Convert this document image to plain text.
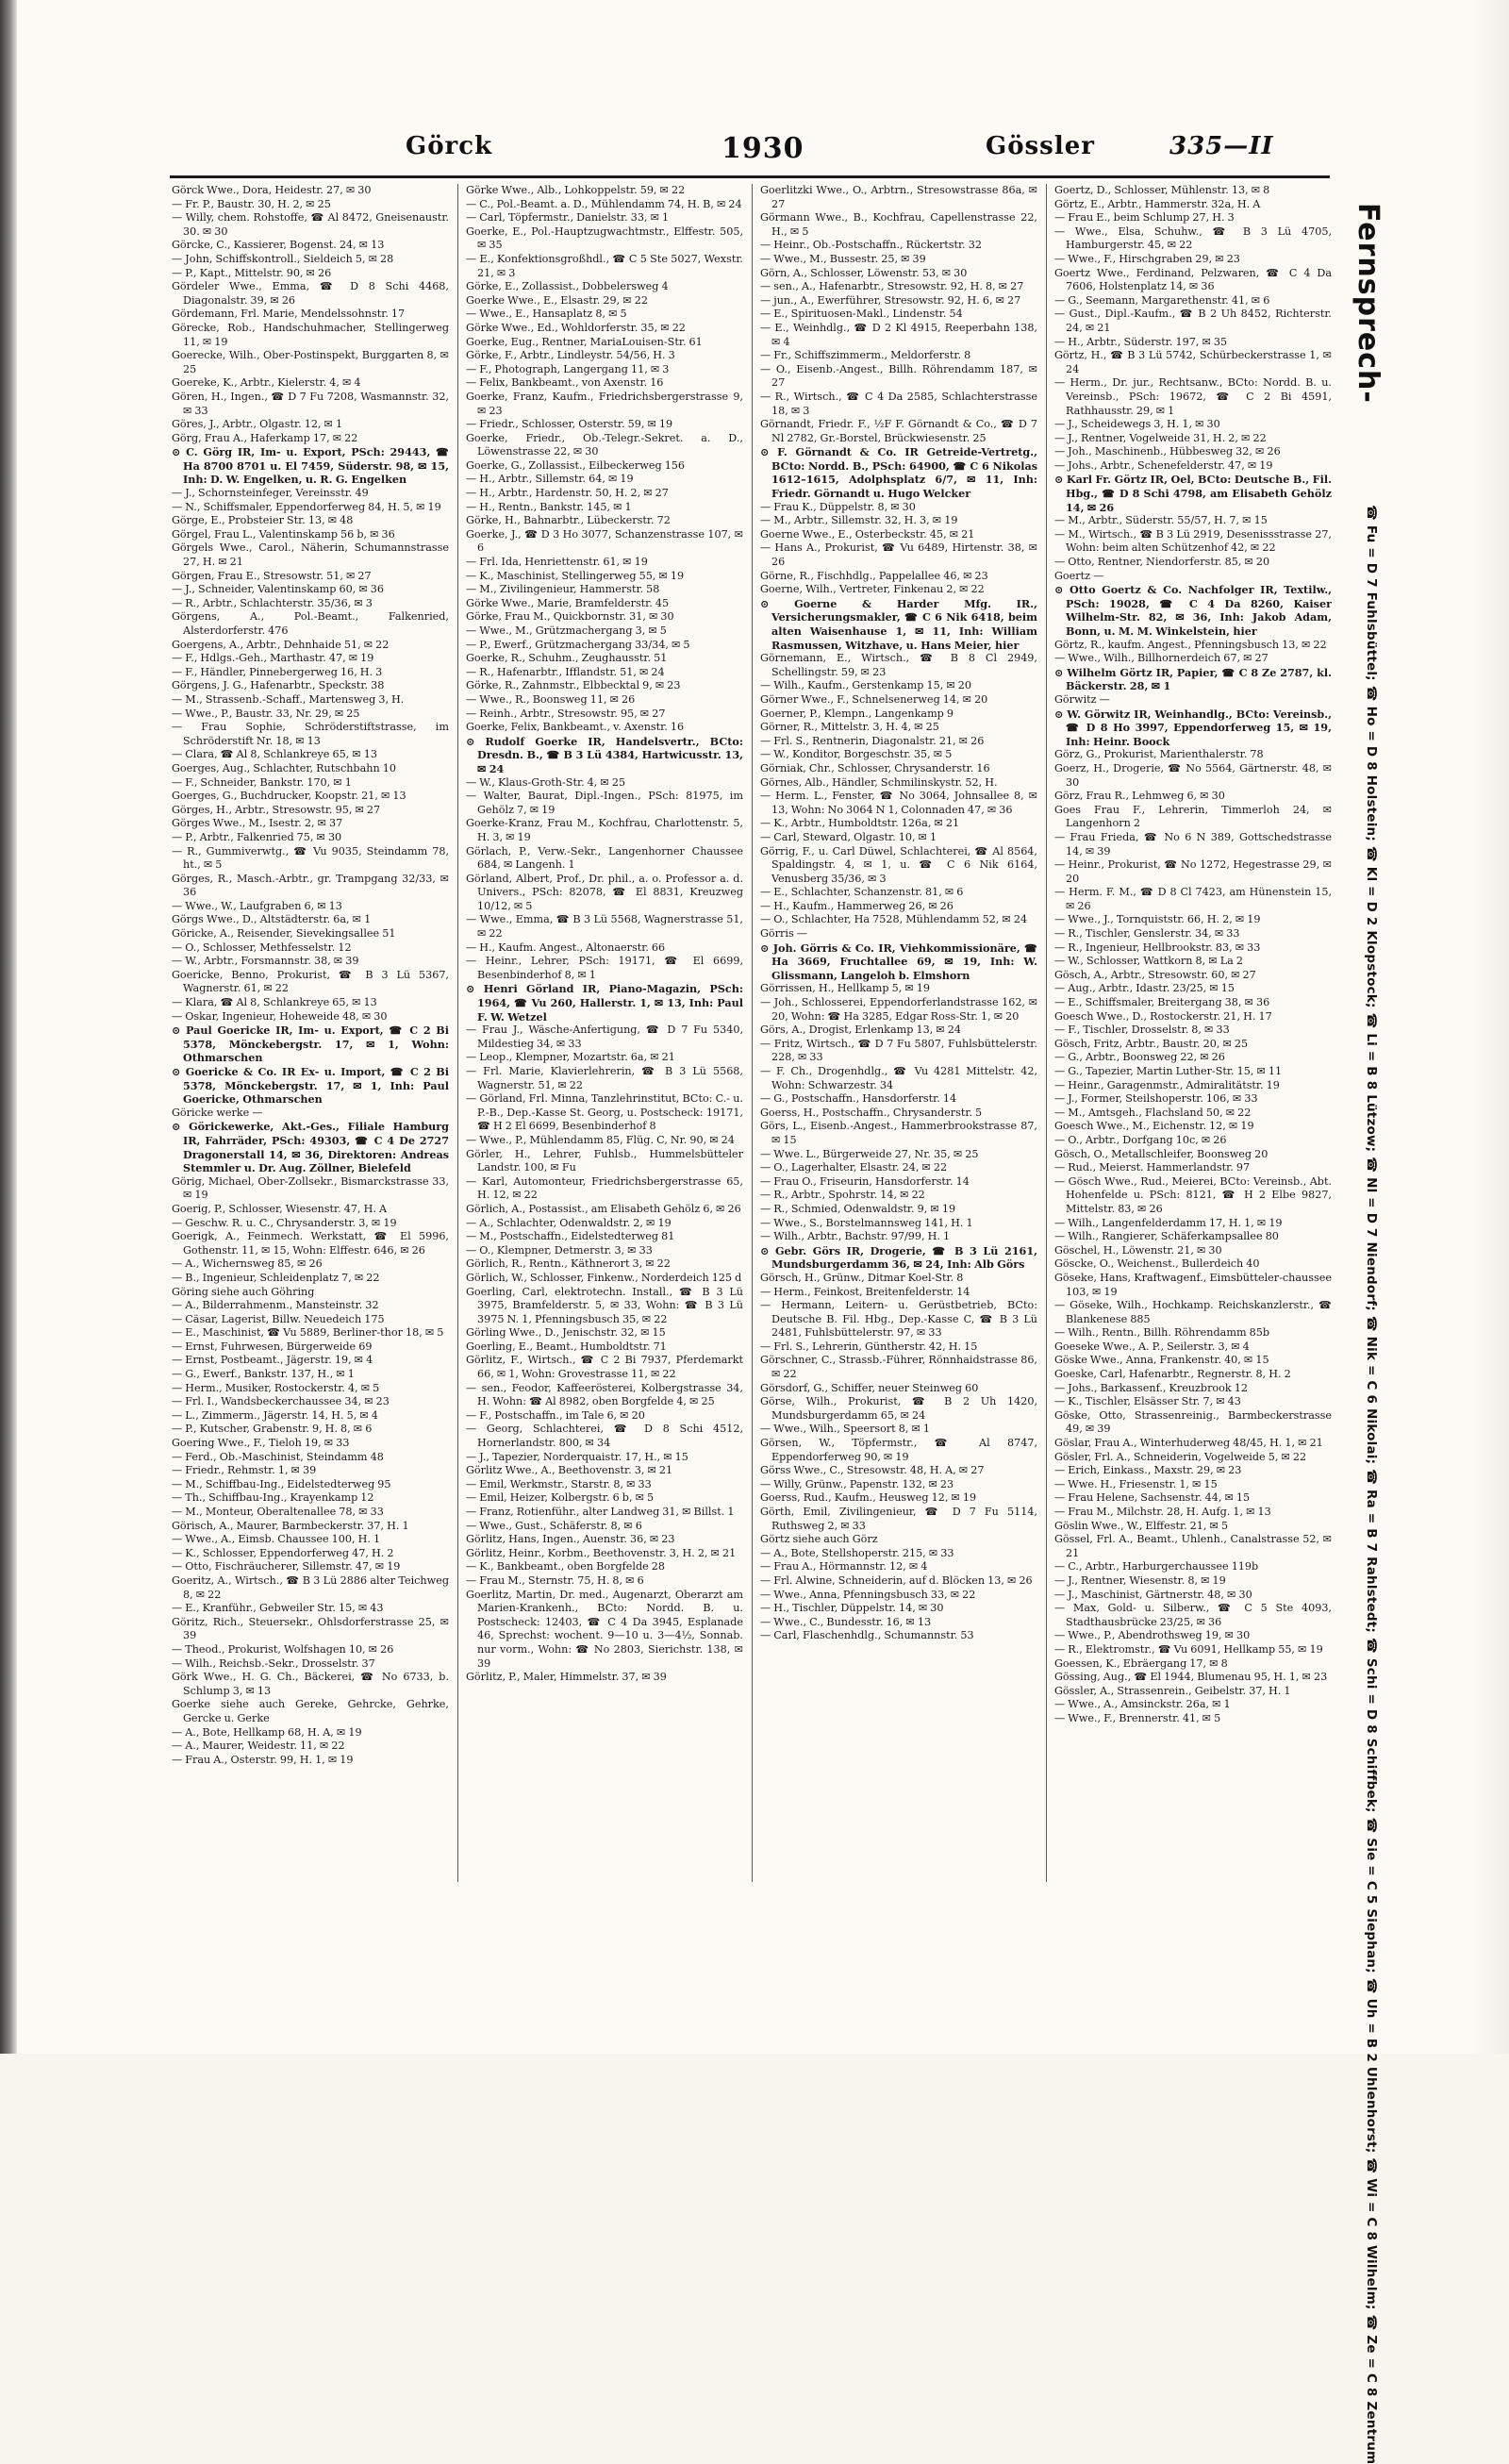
Görck	1930	Gössler	335—II

Görck Wwe., Dora, Heidestr. 27, ✉ 30

— Fr. P., Baustr. 30, H. 2, ✉ 25

— Willy, chem. Rohstoffe, ☎ Al 8472, Gneisenaustr. 30. ✉ 30

Görcke, C., Kassierer, Bogenst. 24, ✉ 13

— John, Schiffskontroll., Sieldeich 5, ✉ 28

— P., Kapt., Mittelstr. 90, ✉ 26

Gördeler Wwe., Emma, ☎ D 8 Schi 4468, Diagonalstr. 39, ✉ 26

Gördemann, Frl. Marie, Mendelssohnstr. 17

Görecke, Rob., Handschuhmacher, Stellingerweg 11, ✉ 19

Goerecke, Wilh., Ober-Postinspekt, Burggarten 8, ✉ 25

Goereke, K., Arbtr., Kielerstr. 4, ✉ 4

Gören, H., Ingen., ☎ D 7 Fu 7208, Wasmannstr. 32, ✉ 33

Göres, J., Arbtr., Olgastr. 12, ✉ 1

Görg, Frau A., Haferkamp 17, ✉ 22

⊙ C. Görg IR, Im- u. Export, PSch: 29443, ☎ Ha 8700 8701 u. El 7459, Süderstr. 98, ✉ 15, Inh: D. W. Engelken, u. R. G. Engelken

— J., Schornsteinfeger, Vereinsstr. 49

— N., Schiffsmaler, Eppendorferweg 84, H. 5, ✉ 19

Görge, E., Probsteier Str. 13, ✉ 48

Görgel, Frau L., Valentinskamp 56 b, ✉ 36

Görgels Wwe., Carol., Näherin, Schumannstrasse 27, H. ✉ 21

Görgen, Frau E., Stresowstr. 51, ✉ 27

— J., Schneider, Valentinskamp 60, ✉ 36

— R., Arbtr., Schlachterstr. 35/36, ✉ 3

Görgens, A., Pol.-Beamt., Falkenried, Alsterdorferstr. 476

Goergens, A., Arbtr., Dehnhaide 51, ✉ 22

— F., Hdlgs.-Geh., Marthastr. 47, ✉ 19

— F., Händler, Pinnebergerweg 16, H. 3

Görgens, J. G., Hafenarbtr., Speckstr. 38

— M., Strassenb.-Schaff., Martensweg 3, H.

— Wwe., P., Baustr. 33, Nr. 29, ✉ 25

— Frau Sophie, Schröderstiftstrasse, im Schröderstift Nr. 18, ✉ 13

— Clara, ☎ Al 8, Schlankreye 65, ✉ 13

Goerges, Aug., Schlachter, Rutschbahn 10

— F., Schneider, Bankstr. 170, ✉ 1

Goerges, G., Buchdrucker, Koopstr. 21, ✉ 13

Görges, H., Arbtr., Stresowstr. 95, ✉ 27

Görges Wwe., M., Isestr. 2, ✉ 37

— P., Arbtr., Falkenried 75, ✉ 30

— R., Gummiverwtg., ☎ Vu 9035, Steindamm 78, ht., ✉ 5

Görges, R., Masch.-Arbtr., gr. Trampgang 32/33, ✉ 36

— Wwe., W., Laufgraben 6, ✉ 13

Görgs Wwe., D., Altstädterstr. 6a, ✉ 1

Göricke, A., Reisender, Sievekingsallee 51

— O., Schlosser, Methfesselstr. 12

— W., Arbtr., Forsmannstr. 38, ✉ 39

Goericke, Benno, Prokurist, ☎ B 3 Lü 5367, Wagnerstr. 61, ✉ 22

— Klara, ☎ Al 8, Schlankreye 65, ✉ 13

— Oskar, Ingenieur, Hoheweide 48, ✉ 30

⊙ Paul Goericke IR, Im- u. Export, ☎ C 2 Bi 5378, Mönckebergstr. 17, ✉ 1, Wohn: Othmarschen

⊙ Goericke & Co. IR Ex- u. Import, ☎ C 2 Bi 5378, Mönckebergstr. 17, ✉ 1, Inh: Paul Goericke, Othmarschen

Göricke werke —

⊙ Görickewerke, Akt.-Ges., Filiale Hamburg IR, Fahrräder, PSch: 49303, ☎ C 4 De 2727 Dragonerstall 14, ✉ 36, Direktoren: Andreas Stemmler u. Dr. Aug. Zöllner, Bielefeld

Görig, Michael, Ober-Zollsekr., Bismarckstrasse 33, ✉ 19

Goerig, P., Schlosser, Wiesenstr. 47, H. A

— Geschw. R. u. C., Chrysanderstr. 3, ✉ 19

Goerigk, A., Feinmech. Werkstatt, ☎ El 5996, Gothenstr. 11, ✉ 15, Wohn: Elffestr. 646, ✉ 26

— A., Wichernsweg 85, ✉ 26

— B., Ingenieur, Schleidenplatz 7, ✉ 22

Göring siehe auch Göhring

— A., Bilderrahmenm., Mansteinstr. 32

— Cäsar, Lagerist, Billw. Neuedeich 175

— E., Maschinist, ☎ Vu 5889, Berliner-thor 18, ✉ 5

— Ernst, Fuhrwesen, Bürgerweide 69

— Ernst, Postbeamt., Jägerstr. 19, ✉ 4

— G., Ewerf., Bankstr. 137, H., ✉ 1

— Herm., Musiker, Rostockerstr. 4, ✉ 5

— Frl. I., Wandsbeckerchaussee 34, ✉ 23

— L., Zimmerm., Jägerstr. 14, H. 5, ✉ 4

— P., Kutscher, Grabenstr. 9, H. 8, ✉ 6

Goering Wwe., F., Tieloh 19, ✉ 33

— Ferd., Ob.-Maschinist, Steindamm 48

— Friedr., Rehmstr. 1, ✉ 39

— M., Schiffbau-Ing., Eidelstedterweg 95

— Th., Schiffbau-Ing., Krayenkamp 12

— M., Monteur, Oberaltenallee 78, ✉ 33

Görisch, A., Maurer, Barmbeckerstr. 37, H. 1

— Wwe., A., Eimsb. Chaussee 100, H. 1

— K., Schlosser, Eppendorferweg 47, H. 2

— Otto, Fischräucherer, Sillemstr. 47, ✉ 19

Goeritz, A., Wirtsch., ☎ B 3 Lü 2886 alter Teichweg 8, ✉ 22

— E., Kranführ., Gebweiler Str. 15, ✉ 43

Göritz, Rich., Steuersekr., Ohlsdorferstrasse 25, ✉ 39

— Theod., Prokurist, Wolfshagen 10, ✉ 26

— Wilh., Reichsb.-Sekr., Drosselstr. 37

Görk Wwe., H. G. Ch., Bäckerei, ☎ No 6733, b. Schlump 3, ✉ 13

Goerke siehe auch Gereke, Gehrcke, Gehrke, Gercke u. Gerke

— A., Bote, Hellkamp 68, H. A, ✉ 19

— A., Maurer, Weidestr. 11, ✉ 22

— Frau A., Osterstr. 99, H. 1, ✉ 19

Görke Wwe., Alb., Lohkoppelstr. 59, ✉ 22

— C., Pol.-Beamt. a. D., Mühlendamm 74, H. B, ✉ 24

— Carl, Töpfermstr., Danielstr. 33, ✉ 1

Goerke, E., Pol.-Hauptzugwachtmstr., Elffestr. 505, ✉ 35

— E., Konfektionsgroßhdl., ☎ C 5 Ste 5027, Wexstr. 21, ✉ 3

Görke, E., Zollassist., Dobbelersweg 4

Goerke Wwe., E., Elsastr. 29, ✉ 22

— Wwe., E., Hansaplatz 8, ✉ 5

Görke Wwe., Ed., Wohldorferstr. 35, ✉ 22

Goerke, Eug., Rentner, MariaLouisen-Str. 61

Görke, F., Arbtr., Lindleystr. 54/56, H. 3

— F., Photograph, Langergang 11, ✉ 3

— Felix, Bankbeamt., von Axenstr. 16

Goerke, Franz, Kaufm., Friedrichsbergerstrasse 9, ✉ 23

— Friedr., Schlosser, Osterstr. 59, ✉ 19

Goerke, Friedr., Ob.-Telegr.-Sekret. a. D., Löwenstrasse 22, ✉ 30

Goerke, G., Zollassist., Eilbeckerweg 156

— H., Arbtr., Sillemstr. 64, ✉ 19

— H., Arbtr., Hardenstr. 50, H. 2, ✉ 27

— H., Rentn., Bankstr. 145, ✉ 1

Görke, H., Bahnarbtr., Lübeckerstr. 72

Goerke, J., ☎ D 3 Ho 3077, Schanzenstrasse 107, ✉ 6

— Frl. Ida, Henriettenstr. 61, ✉ 19

— K., Maschinist, Stellingerweg 55, ✉ 19

— M., Zivilingenieur, Hammerstr. 58

Görke Wwe., Marie, Bramfelderstr. 45

Görke, Frau M., Quickbornstr. 31, ✉ 30

— Wwe., M., Grützmachergang 3, ✉ 5

— P., Ewerf., Grützmachergang 33/34, ✉ 5

Goerke, R., Schuhm., Zeughausstr. 51

— R., Hafenarbtr., Ifflandstr. 51, ✉ 24

Görke, R., Zahnmstr., Elbbecktal 9, ✉ 23

— Wwe., R., Boonsweg 11, ✉ 26

— Reinh., Arbtr., Stresowstr. 95, ✉ 27

Goerke, Felix, Bankbeamt., v. Axenstr. 16

⊙ Rudolf Goerke IR, Handelsvertr., BCto: Dresdn. B., ☎ B 3 Lü 4384, Hartwicusstr. 13, ✉ 24

— W., Klaus-Groth-Str. 4, ✉ 25

— Walter, Baurat, Dipl.-Ingen., PSch: 81975, im Gehölz 7, ✉ 19

Goerke-Kranz, Frau M., Kochfrau, Charlottenstr. 5, H. 3, ✉ 19

Görlach, P., Verw.-Sekr., Langenhorner Chaussee 684, ✉ Langenh. 1

Görland, Albert, Prof., Dr. phil., a. o. Professor a. d. Univers., PSch: 82078, ☎ El 8831, Kreuzweg 10/12, ✉ 5

— Wwe., Emma, ☎ B 3 Lü 5568, Wagnerstrasse 51, ✉ 22

— H., Kaufm. Angest., Altonaerstr. 66

— Heinr., Lehrer, PSch: 19171, ☎ El 6699, Besenbinderhof 8, ✉ 1

⊙ Henri Görland IR, Piano-Magazin, PSch: 1964, ☎ Vu 260, Hallerstr. 1, ✉ 13, Inh: Paul F. W. Wetzel

— Frau J., Wäsche-Anfertigung, ☎ D 7 Fu 5340, Mildestieg 34, ✉ 33

— Leop., Klempner, Mozartstr. 6a, ✉ 21

— Frl. Marie, Klavierlehrerin, ☎ B 3 Lü 5568, Wagnerstr. 51, ✉ 22

— Görland, Frl. Minna, Tanzlehrinstitut, BCto: C.- u. P.-B., Dep.-Kasse St. Georg, u. Postscheck: 19171, ☎ H 2 El 6699, Besenbinderhof 8

— Wwe., P., Mühlendamm 85, Flüg. C, Nr. 90, ✉ 24

Görler, H., Lehrer, Fuhlsb., Hummelsbütteler Landstr. 100, ✉ Fu

— Karl, Automonteur, Friedrichsbergerstrasse 65, H. 12, ✉ 22

Görlich, A., Postassist., am Elisabeth Gehölz 6, ✉ 26

— A., Schlachter, Odenwaldstr. 2, ✉ 19

— M., Postschaffn., Eidelstedterweg 81

— O., Klempner, Detmerstr. 3, ✉ 33

Görlich, R., Rentn., Käthnerort 3, ✉ 22

Görlich, W., Schlosser, Finkenw., Norderdeich 125 d

Goerling, Carl, elektrotechn. Install., ☎ B 3 Lü 3975, Bramfelderstr. 5, ✉ 33, Wohn: ☎ B 3 Lü 3975 N. 1, Pfenningsbusch 35, ✉ 22

Görling Wwe., D., Jenischstr. 32, ✉ 15

Goerling, E., Beamt., Humboldtstr. 71

Görlitz, F., Wirtsch., ☎ C 2 Bi 7937, Pferdemarkt 66, ✉ 1, Wohn: Grovestrasse 11, ✉ 22

— sen., Feodor, Kaffeerösterei, Kolbergstrasse 34, H. Wohn: ☎ Al 8982, oben Borgfelde 4, ✉ 25

— F., Postschaffn., im Tale 6, ✉ 20

— Georg, Schlachterei, ☎ D 8 Schi 4512, Hornerlandstr. 800, ✉ 34

— J., Tapezier, Norderquaistr. 17, H., ✉ 15

Görlitz Wwe., A., Beethovenstr. 3, ✉ 21

— Emil, Werkmstr., Starstr. 8, ✉ 33

— Emil, Heizer, Kolbergstr. 6 b, ✉ 5

— Franz, Rotienführ., alter Landweg 31, ✉ Billst. 1

— Wwe., Gust., Schäferstr. 8, ✉ 6

Görlitz, Hans, Ingen., Auenstr. 36, ✉ 23

Görlitz, Heinr., Korbm., Beethovenstr. 3, H. 2, ✉ 21

— K., Bankbeamt., oben Borgfelde 28

— Frau M., Sternstr. 75, H. 8, ✉ 6

Goerlitz, Martin, Dr. med., Augenarzt, Oberarzt am Marien-Krankenh., BCto: Nordd. B. u. Postscheck: 12403, ☎ C 4 Da 3945, Esplanade 46, Sprechst: wochent. 9—10 u. 3—4½, Sonnab. nur vorm., Wohn: ☎ No 2803, Sierichstr. 138, ✉ 39

Görlitz, P., Maler, Himmelstr. 37, ✉ 39

Goerlitzki Wwe., O., Arbtrn., Stresowstrasse 86a, ✉ 27

Görmann Wwe., B., Kochfrau, Capellenstrasse 22, H., ✉ 5

— Heinr., Ob.-Postschaffn., Rückertstr. 32

— Wwe., M., Bussestr. 25, ✉ 39

Görn, A., Schlosser, Löwenstr. 53, ✉ 30

— sen., A., Hafenarbtr., Stresowstr. 92, H. 8, ✉ 27

— jun., A., Ewerführer, Stresowstr. 92, H. 6, ✉ 27

— E., Spirituosen-Makl., Lindenstr. 54

— E., Weinhdlg., ☎ D 2 Kl 4915, Reeperbahn 138, ✉ 4

— Fr., Schiffszimmerm., Meldorferstr. 8

— O., Eisenb.-Angest., Billh. Röhrendamm 187, ✉ 27

— R., Wirtsch., ☎ C 4 Da 2585, Schlachterstrasse 18, ✉ 3

Görnandt, Friedr. F., ½F F. Görnandt & Co., ☎ D 7 Nl 2782, Gr.-Borstel, Brückwiesenstr. 25

⊙ F. Görnandt & Co. IR Getreide-Vertretg., BCto: Nordd. B., PSch: 64900, ☎ C 6 Nikolas 1612–1615, Adolphsplatz 6/7, ✉ 11, Inh: Friedr. Görnandt u. Hugo Welcker

— Frau K., Düppelstr. 8, ✉ 30

— M., Arbtr., Sillemstr. 32, H. 3, ✉ 19

Goerne Wwe., E., Osterbeckstr. 45, ✉ 21

— Hans A., Prokurist, ☎ Vu 6489, Hirtenstr. 38, ✉ 26

Görne, R., Fischhdlg., Pappelallee 46, ✉ 23

Goerne, Wilh., Vertreter, Finkenau 2, ✉ 22

⊙ Goerne & Harder Mfg. IR., Versicherungsmakler, ☎ C 6 Nik 6418, beim alten Waisenhause 1, ✉ 11, Inh: William Rasmussen, Witzhave, u. Hans Meier, hier

Görnemann, E., Wirtsch., ☎ B 8 Cl 2949, Schellingstr. 59, ✉ 23

— Wilh., Kaufm., Gerstenkamp 15, ✉ 20

Görner Wwe., F., Schnelsenerweg 14, ✉ 20

Goerner, P., Klempn., Langenkamp 9

Görner, R., Mittelstr. 3, H. 4, ✉ 25

— Frl. S., Rentnerin, Diagonalstr. 21, ✉ 26

— W., Konditor, Borgeschstr. 35, ✉ 5

Görniak, Chr., Schlosser, Chrysanderstr. 16

Görnes, Alb., Händler, Schmilinskystr. 52, H.

— Herm. L., Fenster, ☎ No 3064, Johnsallee 8, ✉ 13, Wohn: No 3064 N 1, Colonnaden 47, ✉ 36

— K., Arbtr., Humboldtstr. 126a, ✉ 21

— Carl, Steward, Olgastr. 10, ✉ 1

Görrig, F., u. Carl Düwel, Schlachterei, ☎ Al 8564, Spaldingstr. 4, ✉ 1, u. ☎ C 6 Nik 6164, Venusberg 35/36, ✉ 3

— E., Schlachter, Schanzenstr. 81, ✉ 6

— H., Kaufm., Hammerweg 26, ✉ 26

— O., Schlachter, Ha 7528, Mühlendamm 52, ✉ 24

Görris —

⊙ Joh. Görris & Co. IR, Viehkommissionäre, ☎ Ha 3669, Fruchtallee 69, ✉ 19, Inh: W. Glissmann, Langeloh b. Elmshorn

Görrissen, H., Hellkamp 5, ✉ 19

— Joh., Schlosserei, Eppendorferlandstrasse 162, ✉ 20, Wohn: ☎ Ha 3285, Edgar Ross-Str. 1, ✉ 20

Görs, A., Drogist, Erlenkamp 13, ✉ 24

— Fritz, Wirtsch., ☎ D 7 Fu 5807, Fuhlsbüttelerstr. 228, ✉ 33

— F. Ch., Drogenhdlg., ☎ Vu 4281 Mittelstr. 42, Wohn: Schwarzestr. 34

— G., Postschaffn., Hansdorferstr. 14

Goerss, H., Postschaffn., Chrysanderstr. 5

Görs, L., Eisenb.-Angest., Hammerbrookstrasse 87, ✉ 15

— Wwe. L., Bürgerweide 27, Nr. 35, ✉ 25

— O., Lagerhalter, Elsastr. 24, ✉ 22

— Frau O., Friseurin, Hansdorferstr. 14

— R., Arbtr., Spohrstr. 14, ✉ 22

— R., Schmied, Odenwaldstr. 9, ✉ 19

— Wwe., S., Borstelmannsweg 141, H. 1

— Wilh., Arbtr., Bachstr. 97/99, H. 1

⊙ Gebr. Görs IR, Drogerie, ☎ B 3 Lü 2161, Mundsburgerdamm 36, ✉ 24, Inh: Alb Görs

Görsch, H., Grünw., Ditmar Koel-Str. 8

— Herm., Feinkost, Breitenfelderstr. 14

— Hermann, Leitern- u. Gerüstbetrieb, BCto: Deutsche B. Fil. Hbg., Dep.-Kasse C, ☎ B 3 Lü 2481, Fuhlsbüttelerstr. 97, ✉ 33

— Frl. S., Lehrerin, Güntherstr. 42, H. 15

Görschner, C., Strassb.-Führer, Rönnhaidstrasse 86, ✉ 22

Görsdorf, G., Schiffer, neuer Steinweg 60

Görse, Wilh., Prokurist, ☎ B 2 Uh 1420, Mundsburgerdamm 65, ✉ 24

— Wwe., Wilh., Speersort 8, ✉ 1

Görsen, W., Töpfermstr., ☎ Al 8747, Eppendorferweg 90, ✉ 19

Görss Wwe., C., Stresowstr. 48, H. A, ✉ 27

— Willy, Grünw., Papenstr. 132, ✉ 23

Goerss, Rud., Kaufm., Heusweg 12, ✉ 19

Görth, Emil, Zivilingenieur, ☎ D 7 Fu 5114, Ruthsweg 2, ✉ 33

Görtz siehe auch Görz

— A., Bote, Stellshoperstr. 215, ✉ 33

— Frau A., Hörmannstr. 12, ✉ 4

— Frl. Alwine, Schneiderin, auf d. Blöcken 13, ✉ 26

— Wwe., Anna, Pfenningsbusch 33, ✉ 22

— H., Tischler, Düppelstr. 14, ✉ 30

— Wwe., C., Bundesstr. 16, ✉ 13

— Carl, Flaschenhdlg., Schumannstr. 53

Goertz, D., Schlosser, Mühlenstr. 13, ✉ 8

Görtz, E., Arbtr., Hammerstr. 32a, H. A

— Frau E., beim Schlump 27, H. 3

— Wwe., Elsa, Schuhw., ☎ B 3 Lü 4705, Hamburgerstr. 45, ✉ 22

— Wwe., F., Hirschgraben 29, ✉ 23

Goertz Wwe., Ferdinand, Pelzwaren, ☎ C 4 Da 7606, Holstenplatz 14, ✉ 36

— G., Seemann, Margarethenstr. 41, ✉ 6

— Gust., Dipl.-Kaufm., ☎ B 2 Uh 8452, Richterstr. 24, ✉ 21

— H., Arbtr., Süderstr. 197, ✉ 35

Görtz, H., ☎ B 3 Lü 5742, Schürbeckerstrasse 1, ✉ 24

— Herm., Dr. jur., Rechtsanw., BCto: Nordd. B. u. Vereinsb., PSch: 19672, ☎ C 2 Bi 4591, Rathhausstr. 29, ✉ 1

— J., Scheidewegs 3, H. 1, ✉ 30

— J., Rentner, Vogelweide 31, H. 2, ✉ 22

— Joh., Maschinenb., Hübbesweg 32, ✉ 26

— Johs., Arbtr., Schenefelderstr. 47, ✉ 19

⊙ Karl Fr. Görtz IR, Oel, BCto: Deutsche B., Fil. Hbg., ☎ D 8 Schi 4798, am Elisabeth Gehölz 14, ✉ 26

— M., Arbtr., Süderstr. 55/57, H. 7, ✉ 15

— M., Wirtsch., ☎ B 3 Lü 2919, Desenissstrasse 27, Wohn: beim alten Schützenhof 42, ✉ 22

— Otto, Rentner, Niendorferstr. 85, ✉ 20

Goertz —

⊙ Otto Goertz & Co. Nachfolger IR, Textilw., PSch: 19028, ☎ C 4 Da 8260, Kaiser Wilhelm-Str. 82, ✉ 36, Inh: Jakob Adam, Bonn, u. M. M. Winkelstein, hier

Görtz, R., kaufm. Angest., Pfenningsbusch 13, ✉ 22

— Wwe., Wilh., Billhornerdeich 67, ✉ 27

⊙ Wilhelm Görtz IR, Papier, ☎ C 8 Ze 2787, kl. Bäckerstr. 28, ✉ 1

Görwitz —

⊙ W. Görwitz IR, Weinhandlg., BCto: Vereinsb., ☎ D 8 Ho 3997, Eppendorferweg 15, ✉ 19, Inh: Heinr. Boock

Görz, G., Prokurist, Marienthalerstr. 78

Goerz, H., Drogerie, ☎ No 5564, Gärtnerstr. 48, ✉ 30

Görz, Frau R., Lehmweg 6, ✉ 30

Goes Frau F., Lehrerin, Timmerloh 24, ✉ Langenhorn 2

— Frau Frieda, ☎ No 6 N 389, Gottschedstrasse 14, ✉ 39

— Heinr., Prokurist, ☎ No 1272, Hegestrasse 29, ✉ 20

— Herm. F. M., ☎ D 8 Cl 7423, am Hünenstein 15, ✉ 26

— Wwe., J., Tornquiststr. 66, H. 2, ✉ 19

— R., Tischler, Genslerstr. 34, ✉ 33

— R., Ingenieur, Hellbrookstr. 83, ✉ 33

— W., Schlosser, Wattkorn 8, ✉ La 2

Gösch, A., Arbtr., Stresowstr. 60, ✉ 27

— Aug., Arbtr., Idastr. 23/25, ✉ 15

— E., Schiffsmaler, Breitergang 38, ✉ 36

Goesch Wwe., D., Rostockerstr. 21, H. 17

— F., Tischler, Drosselstr. 8, ✉ 33

Gösch, Fritz, Arbtr., Baustr. 20, ✉ 25

— G., Arbtr., Boonsweg 22, ✉ 26

— G., Tapezier, Martin Luther-Str. 15, ✉ 11

— Heinr., Garagenmstr., Admiralitätstr. 19

— J., Former, Steilshoperstr. 106, ✉ 33

— M., Amtsgeh., Flachsland 50, ✉ 22

Goesch Wwe., M., Eichenstr. 12, ✉ 19

— O., Arbtr., Dorfgang 10c, ✉ 26

Gösch, O., Metallschleifer, Boonsweg 20

— Rud., Meierst. Hammerlandstr. 97

— Gösch Wwe., Rud., Meierei, BCto: Vereinsb., Abt. Hohenfelde u. PSch: 8121, ☎ H 2 Elbe 9827, Mittelstr. 83, ✉ 26

— Wilh., Langenfelderdamm 17, H. 1, ✉ 19

— Wilh., Rangierer, Schäferkampsallee 80

Göschel, H., Löwenstr. 21, ✉ 30

Göscke, O., Weichenst., Bullerdeich 40

Göseke, Hans, Kraftwagenf., Eimsbütteler-chaussee 103, ✉ 19

— Göseke, Wilh., Hochkamp. Reichskanzlerstr., ☎ Blankenese 885

— Wilh., Rentn., Billh. Röhrendamm 85b

Goeseke Wwe., A. P., Seilerstr. 3, ✉ 4

Göske Wwe., Anna, Frankenstr. 40, ✉ 15

Goeske, Carl, Hafenarbtr., Regnerstr. 8, H. 2

— Johs., Barkassenf., Kreuzbrook 12

— K., Tischler, Elsässer Str. 7, ✉ 43

Göske, Otto, Strassenreinig., Barmbeckerstrasse 49, ✉ 39

Göslar, Frau A., Winterhuderweg 48/45, H. 1, ✉ 21

Gösler, Frl. A., Schneiderin, Vogelweide 5, ✉ 22

— Erich, Einkass., Maxstr. 29, ✉ 23

— Wwe. H., Friesenstr. 1, ✉ 15

— Frau Helene, Sachsenstr. 44, ✉ 15

— Frau M., Milchstr. 28, H. Aufg. 1, ✉ 13

Göslin Wwe., W., Elffestr. 21, ✉ 5

Gössel, Frl. A., Beamt., Uhlenh., Canalstrasse 52, ✉ 21

— C., Arbtr., Harburgerchaussee 119b

— J., Rentner, Wiesenstr. 8, ✉ 19

— J., Maschinist, Gärtnerstr. 48, ✉ 30

— Max, Gold- u. Silberw., ☎ C 5 Ste 4093, Stadthausbrücke 23/25, ✉ 36

— Wwe., P., Abendrothsweg 19, ✉ 30

— R., Elektromstr., ☎ Vu 6091, Hellkamp 55, ✉ 19

Goessen, K., Ebräergang 17, ✉ 8

Gössing, Aug., ☎ El 1944, Blumenau 95, H. 1, ✉ 23

Gössler, A., Strassenrein., Geibelstr. 37, H. 1

— Wwe., A., Amsinckstr. 26a, ✉ 1

— Wwe., F., Brennerstr. 41, ✉ 5

Fernsprech-
☎ Fu = D 7 Fuhlsbüttel; ☎ Ho = D 8 Holstein; ☎ Kl = D 2 Klopstock; ☎ Li = B 8 Lützow; ☎ Nl = D 7 Niendorf; ☎ Nik = C 6 Nikolai; ☎ Ra = B 7 Rahlstedt; ☎ Schi = D 8 Schiffbek; ☎ Sie = C 5 Siephan; ☎ Uh = B 2 Uhlenhorst; ☎ Wi = C 8 Wilhelm; ☎ Ze = C 8 Zentrum
